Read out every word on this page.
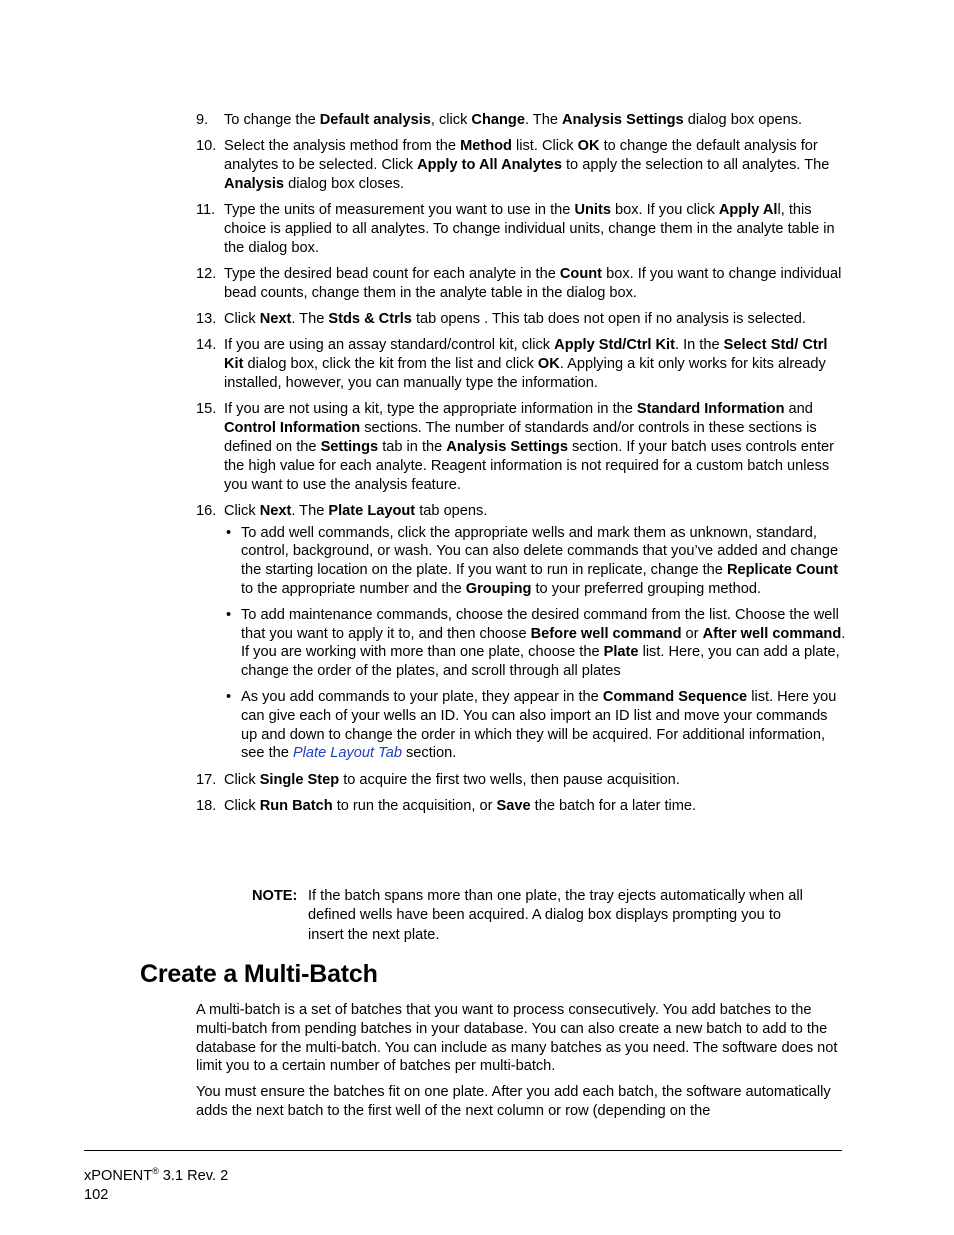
9.	To change the Default analysis, click Change. The Analysis Settings dialog box opens.
10. Select the analysis method from the Method list. Click OK to change the default analysis for analytes to be selected. Click Apply to All Analytes to apply the selection to all analytes. The Analysis dialog box closes.
11. Type the units of measurement you want to use in the Units box. If you click Apply All, this choice is applied to all analytes. To change individual units, change them in the analyte table in the dialog box.
12. Type the desired bead count for each analyte in the Count box. If you want to change individual bead counts, change them in the analyte table in the dialog box.
13. Click Next. The Stds & Ctrls tab opens . This tab does not open if no analysis is selected.
14. If you are using an assay standard/control kit, click Apply Std/Ctrl Kit. In the Select Std/ Ctrl Kit dialog box, click the kit from the list and click OK. Applying a kit only works for kits already installed, however, you can manually type the information.
15. If you are not using a kit, type the appropriate information in the Standard Information and Control Information sections. The number of standards and/or controls in these sections is defined on the Settings tab in the Analysis Settings section. If your batch uses controls enter the high value for each analyte. Reagent information is not required for a custom batch unless you want to use the analysis feature.
16. Click Next. The Plate Layout tab opens.
• To add well commands, click the appropriate wells and mark them as unknown, standard, control, background, or wash. You can also delete commands that you’ve added and change the starting location on the plate. If you want to run in replicate, change the Replicate Count to the appropriate number and the Grouping to your preferred grouping method.
• To add maintenance commands, choose the desired command from the list. Choose the well that you want to apply it to, and then choose Before well command or After well command. If you are working with more than one plate, choose the Plate list. Here, you can add a plate, change the order of the plates, and scroll through all plates
• As you add commands to your plate, they appear in the Command Sequence list. Here you can give each of your wells an ID. You can also import an ID list and move your commands up and down to change the order in which they will be acquired. For additional information, see the Plate Layout Tab section.
17. Click Single Step to acquire the first two wells, then pause acquisition.
18. Click Run Batch to run the acquisition, or Save the batch for a later time.
NOTE: If the batch spans more than one plate, the tray ejects automatically when all defined wells have been acquired. A dialog box displays prompting you to insert the next plate.
Create a Multi-Batch

A multi-batch is a set of batches that you want to process consecutively. You add batches to the multi-batch from pending batches in your database. You can also create a new batch to add to the database for the multi-batch. You can include as many batches as you need. The software does not limit you to a certain number of batches per multi-batch.

You must ensure the batches fit on one plate. After you add each batch, the software automatically adds the next batch to the first well of the next column or row (depending on the

xPONENT® 3.1 Rev. 2
102
